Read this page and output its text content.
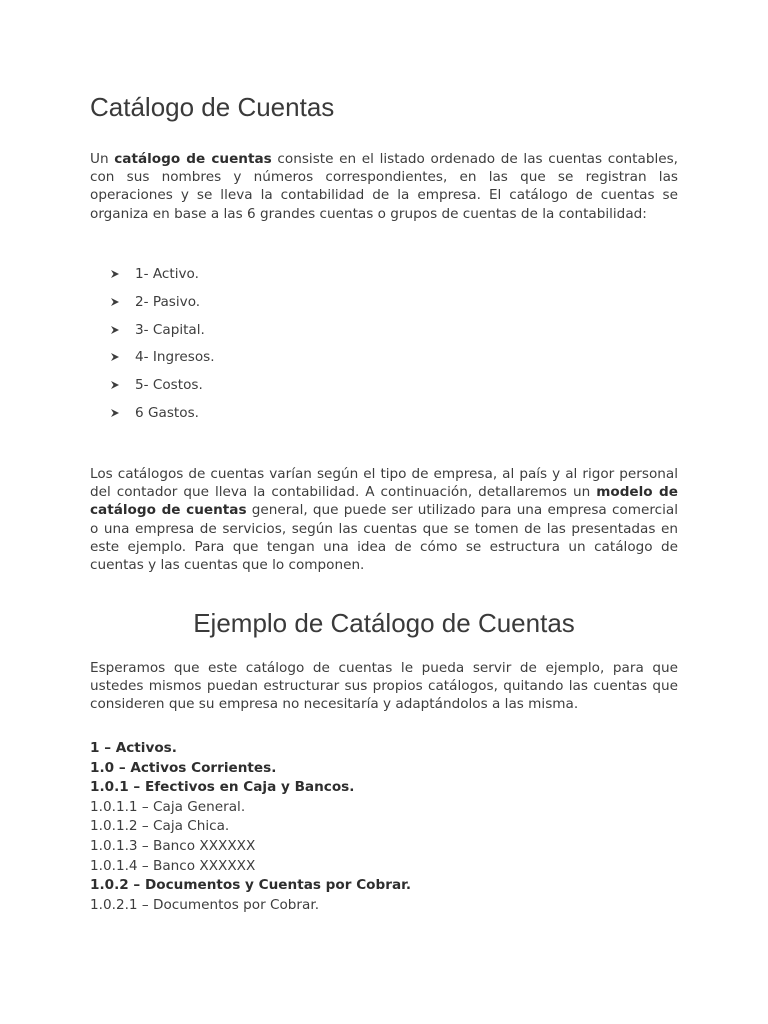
Catálogo de Cuentas

Un catálogo de cuentas consiste en el listado ordenado de las cuentas contables, con sus nombres y números correspondientes, en las que se registran las operaciones y se lleva la contabilidad de la empresa. El catálogo de cuentas se organiza en base a las 6 grandes cuentas o grupos de cuentas de la contabilidad:

1- Activo.
2- Pasivo.
3- Capital.
4- Ingresos.
5- Costos.
6 Gastos.

Los catálogos de cuentas varían según el tipo de empresa, al país y al rigor personal del contador que lleva la contabilidad. A continuación, detallaremos un modelo de catálogo de cuentas general, que puede ser utilizado para una empresa comercial o una empresa de servicios, según las cuentas que se tomen de las presentadas en este ejemplo. Para que tengan una idea de cómo se estructura un catálogo de cuentas y las cuentas que lo componen.

Ejemplo de Catálogo de Cuentas

Esperamos que este catálogo de cuentas le pueda servir de ejemplo, para que ustedes mismos puedan estructurar sus propios catálogos, quitando las cuentas que consideren que su empresa no necesitaría y adaptándolos a las misma.

1 – Activos.
1.0 – Activos Corrientes.
1.0.1 – Efectivos en Caja y Bancos.
1.0.1.1 – Caja General.
1.0.1.2 – Caja Chica.
1.0.1.3 – Banco XXXXXX
1.0.1.4 – Banco XXXXXX
1.0.2 – Documentos y Cuentas por Cobrar.
1.0.2.1 – Documentos por Cobrar.
